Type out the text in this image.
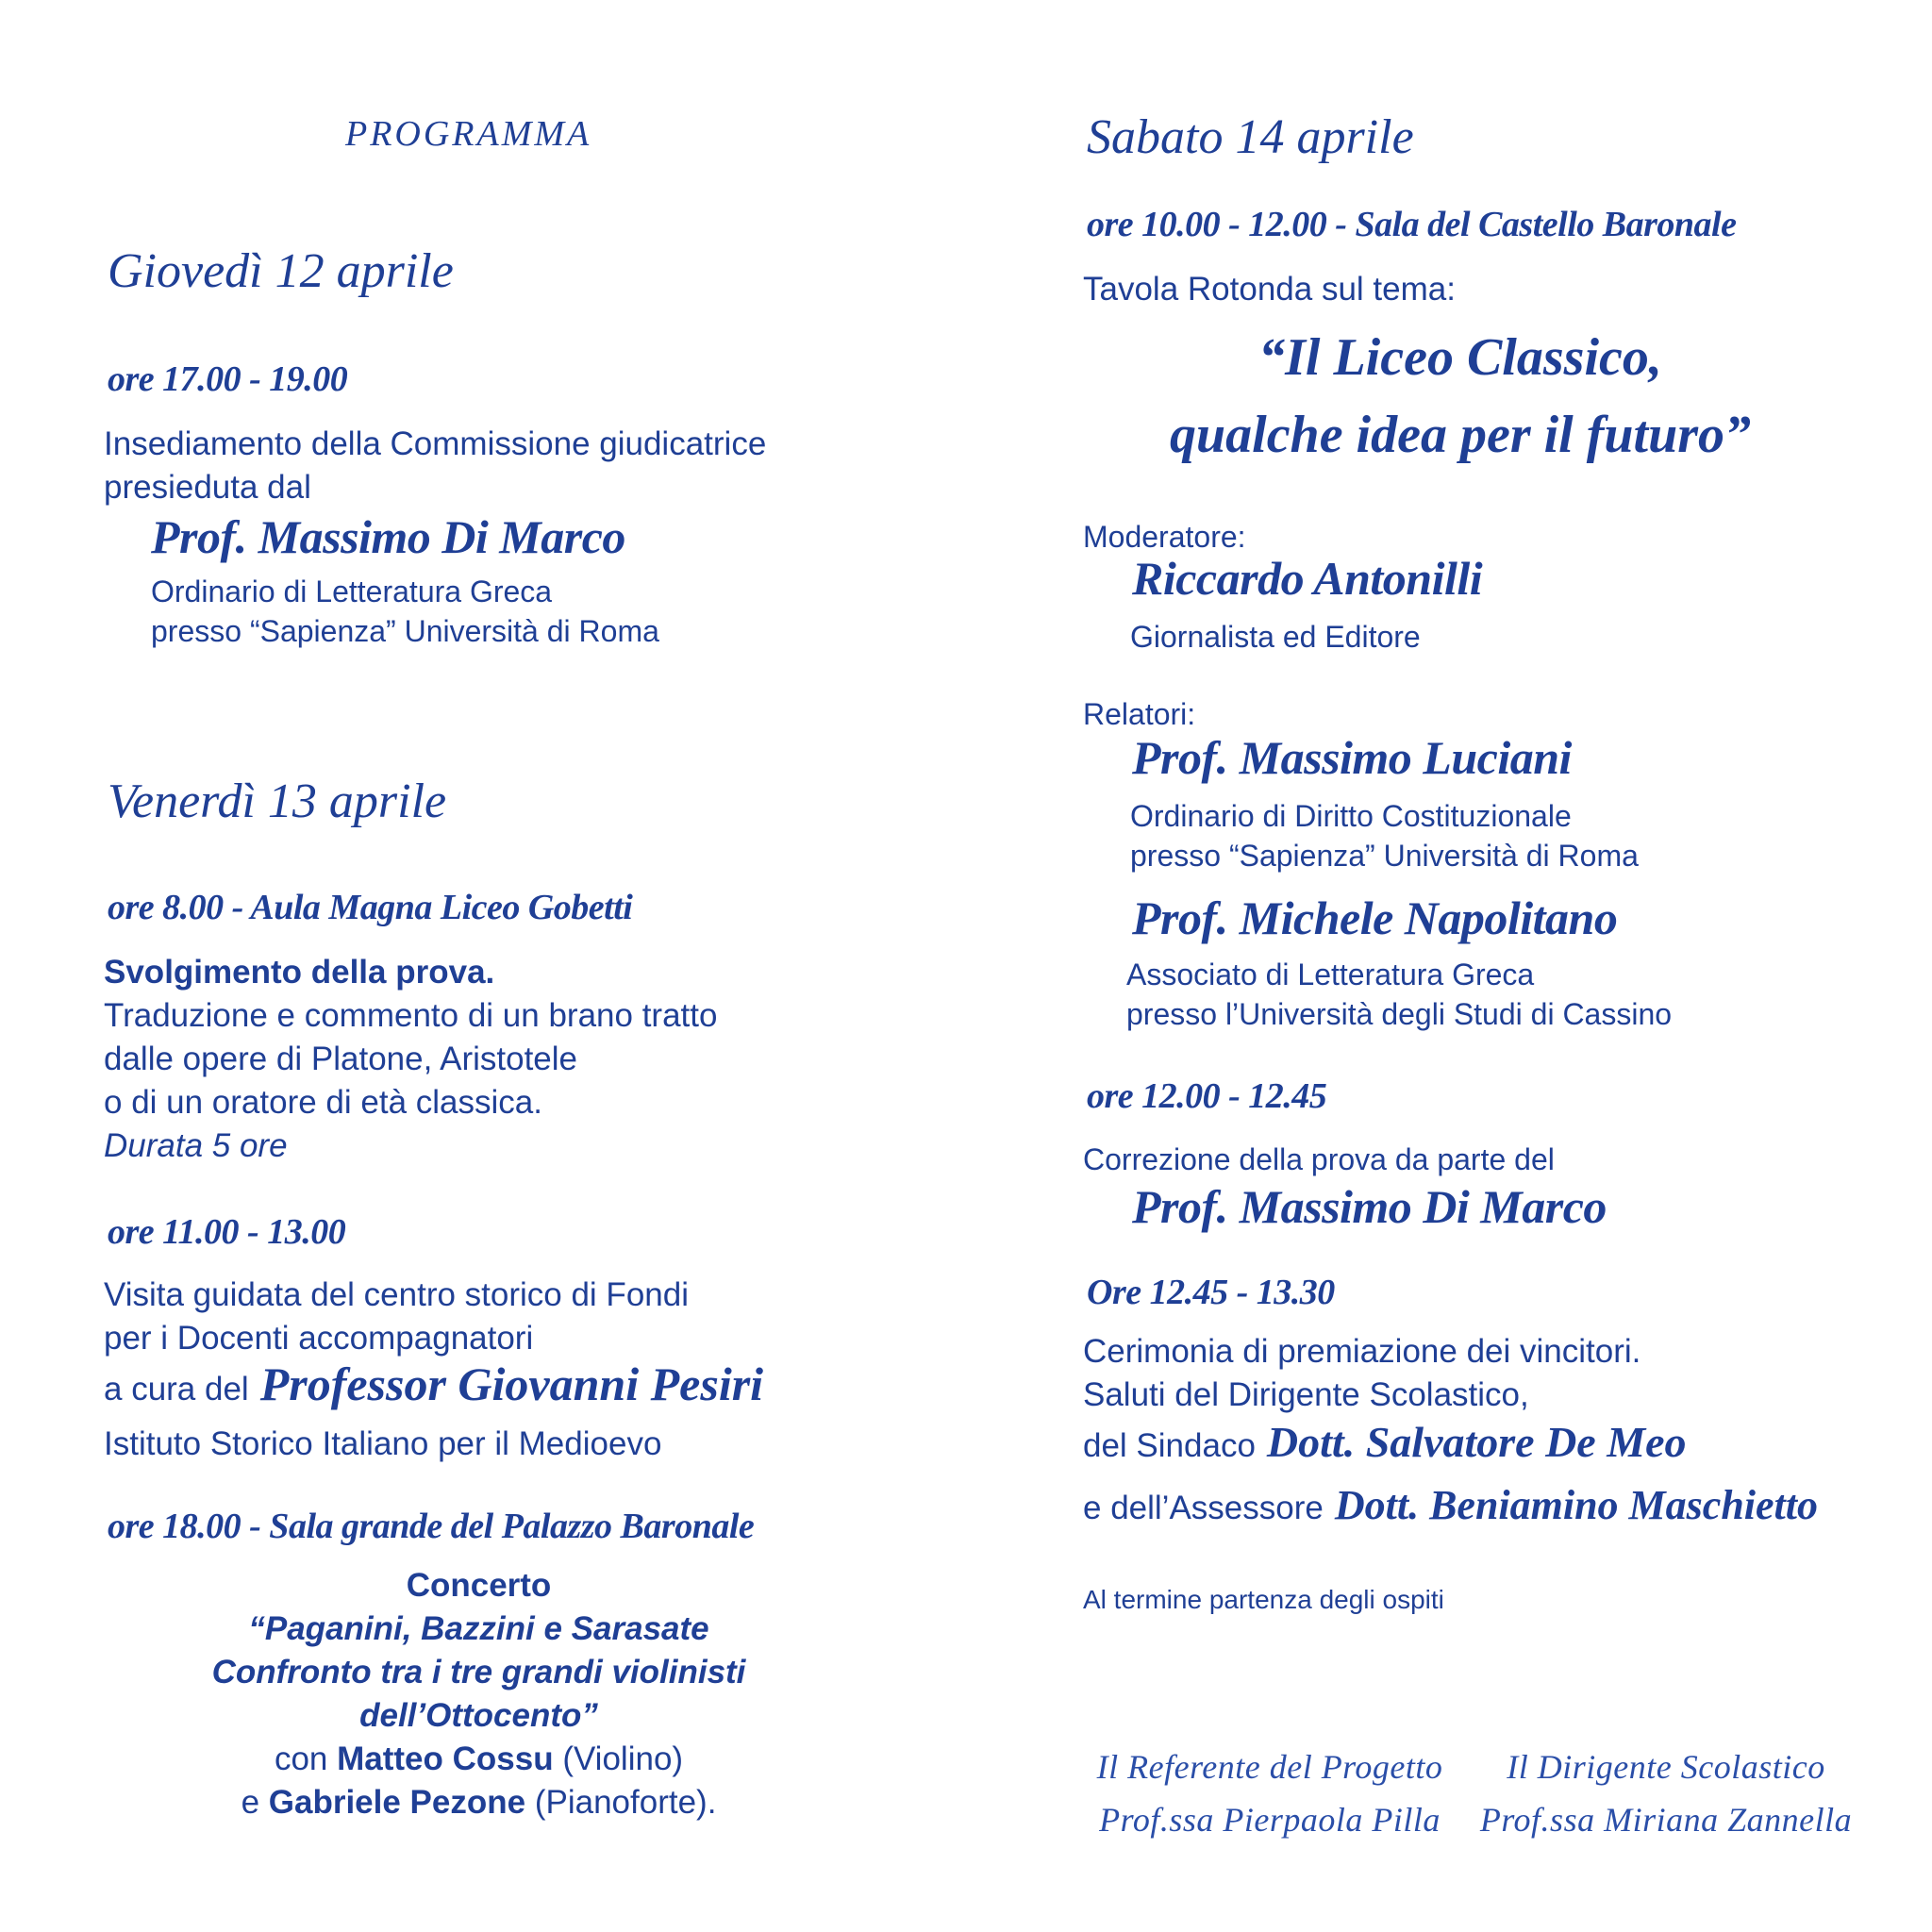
PROGRAMMA
Giovedì 12 aprile
ore 17.00 - 19.00
Insediamento della Commissione giudicatrice
presieduta dal
Prof. Massimo Di Marco
Ordinario di Letteratura Greca
presso “Sapienza” Università di Roma
Venerdì 13 aprile
ore 8.00 - Aula Magna Liceo Gobetti
Svolgimento della prova.
Traduzione e commento di un brano tratto
dalle opere di Platone, Aristotele
o di un oratore di età classica.
Durata 5 ore
ore 11.00 - 13.00
Visita guidata del centro storico di Fondi
per i Docenti accompagnatori
a cura del Professor Giovanni Pesiri
Istituto Storico Italiano per il Medioevo
ore 18.00 - Sala grande del Palazzo Baronale
Concerto
“Paganini, Bazzini e Sarasate
Confronto tra i tre grandi violinisti
dell’Ottocento”
con Matteo Cossu (Violino)
e Gabriele Pezone (Pianoforte).
Sabato 14 aprile
ore 10.00 - 12.00 - Sala del Castello Baronale
Tavola Rotonda sul tema:
“Il Liceo Classico,
qualche idea per il futuro”
Moderatore:
Riccardo Antonilli
Giornalista ed Editore
Relatori:
Prof. Massimo Luciani
Ordinario di Diritto Costituzionale
presso “Sapienza” Università di Roma
Prof. Michele Napolitano
Associato di Letteratura Greca
presso l’Università degli Studi di Cassino
ore 12.00 - 12.45
Correzione della prova da parte del
Prof. Massimo Di Marco
Ore 12.45 - 13.30
Cerimonia di premiazione dei vincitori.
Saluti del Dirigente Scolastico,
del Sindaco Dott. Salvatore De Meo
e dell’Assessore Dott. Beniamino Maschietto
Al termine partenza degli ospiti
Il Referente del Progetto
Prof.ssa Pierpaola Pilla
Il Dirigente Scolastico
Prof.ssa Miriana Zannella
